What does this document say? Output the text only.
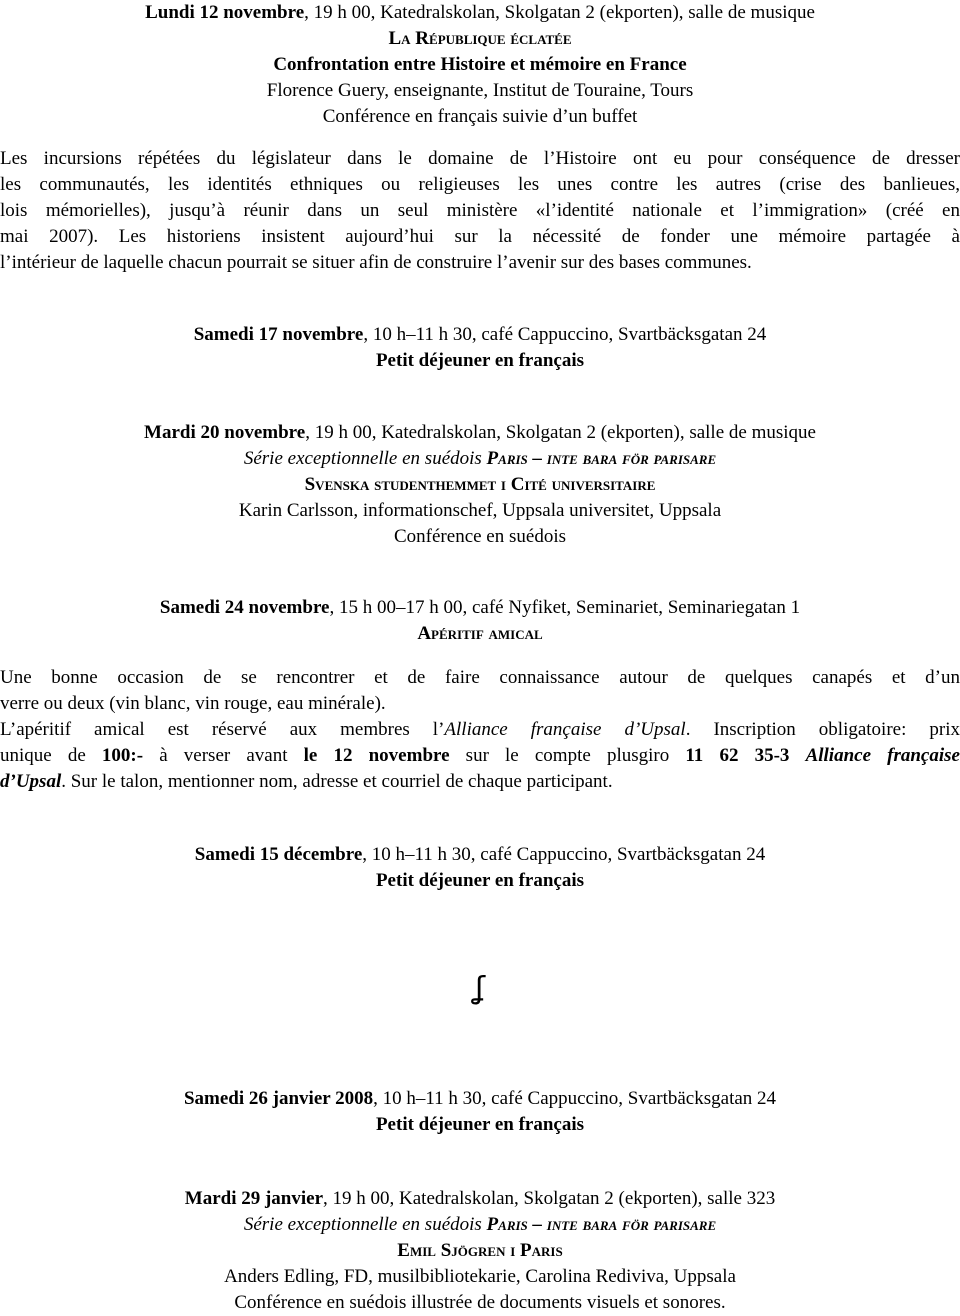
Lundi 12 novembre, 19 h 00, Katedralskolan, Skolgatan 2 (ekporten), salle de musique
La République éclatée
Confrontation entre Histoire et mémoire en France
Florence Guery, enseignante, Institut de Touraine, Tours
Conférence en français suivie d’un buffet
Les incursions répétées du législateur dans le domaine de l’Histoire ont eu pour conséquence de dresser
les communautés, les identités ethniques ou religieuses les unes contre les autres (crise des banlieues,
lois mémorielles), jusqu’à réunir dans un seul ministère «l’identité nationale et l’immigration» (créé en
mai 2007). Les historiens insistent aujourd’hui sur la nécessité de fonder une mémoire partagée à
l’intérieur de laquelle chacun pourrait se situer afin de construire l’avenir sur des bases communes.
Samedi 17 novembre, 10 h–11 h 30, café Cappuccino, Svartbäcksgatan 24
Petit déjeuner en français
Mardi 20 novembre, 19 h 00, Katedralskolan, Skolgatan 2 (ekporten), salle de musique
Série exceptionnelle en suédois Paris – inte bara för parisare
Svenska studenthemmet i Cité universitaire
Karin Carlsson, informationschef, Uppsala universitet, Uppsala
Conférence en suédois
Samedi 24 novembre, 15 h 00–17 h 00, café Nyfiket, Seminariet, Seminariegatan 1
Apéritif amical
Une bonne occasion de se rencontrer et de faire connaissance autour de quelques canapés et d’un
verre ou deux (vin blanc, vin rouge, eau minérale).
L’apéritif amical est réservé aux membres l’Alliance française d’Upsal. Inscription obligatoire: prix
unique de 100:- à verser avant le 12 novembre sur le compte plusgiro 11 62 35-3 Alliance française
d’Upsal. Sur le talon, mentionner nom, adresse et courriel de chaque participant.
Samedi 15 décembre, 10 h–11 h 30, café Cappuccino, Svartbäcksgatan 24
Petit déjeuner en français
ʆ
Samedi 26 janvier 2008, 10 h–11 h 30, café Cappuccino, Svartbäcksgatan 24
Petit déjeuner en français
Mardi 29 janvier, 19 h 00, Katedralskolan, Skolgatan 2 (ekporten), salle 323
Série exceptionnelle en suédois Paris – inte bara för parisare
Emil Sjögren i Paris
Anders Edling, FD, musilbibliotekarie, Carolina Rediviva, Uppsala
Conférence en suédois illustrée de documents visuels et sonores.
